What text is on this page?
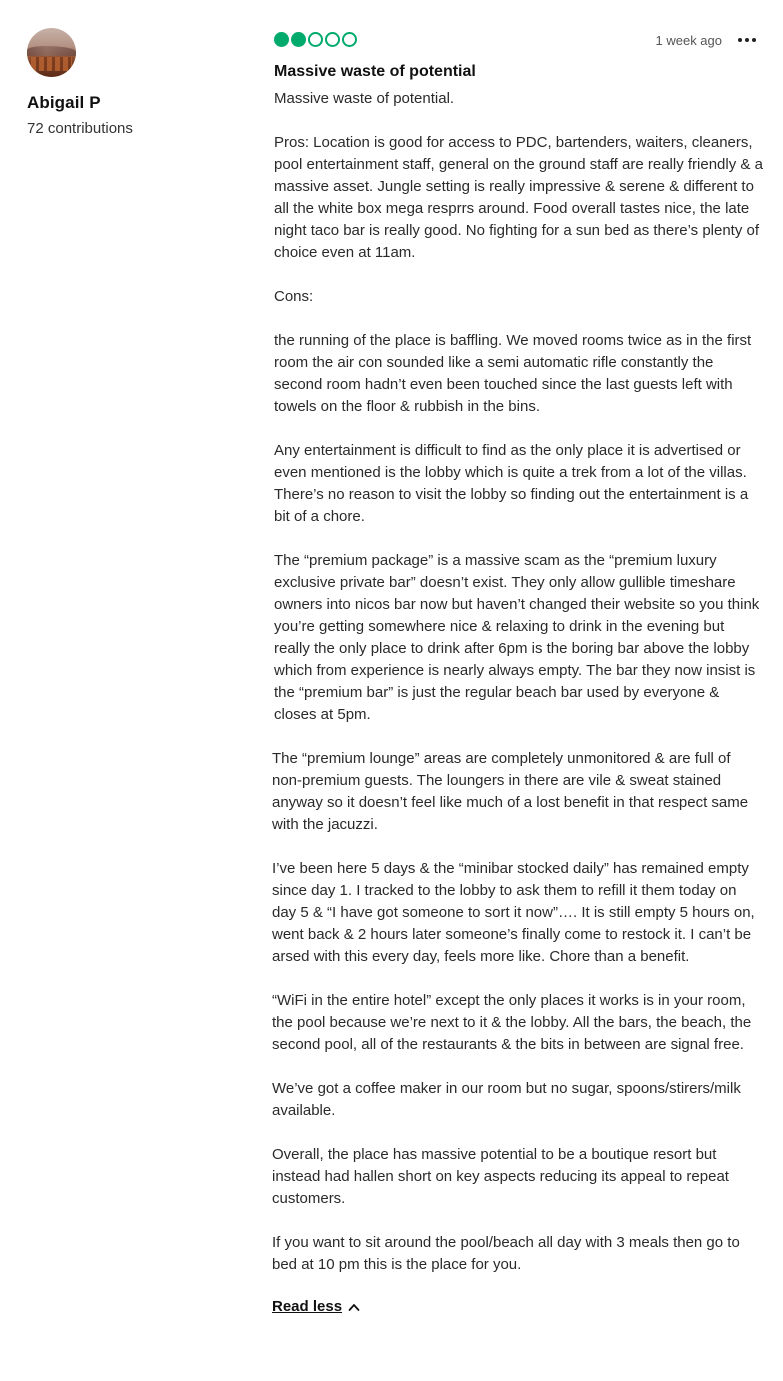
Abigail P
72 contributions
1 week ago
Massive waste of potential

Massive waste of potential.

Pros: Location is good for access to PDC, bartenders, waiters, cleaners, pool entertainment staff, general on the ground staff are really friendly & a massive asset. Jungle setting is really impressive & serene & different to all the white box mega resprrs around. Food overall tastes nice, the late night taco bar is really good. No fighting for a sun bed as there’s plenty of choice even at 11am.

Cons:

the running of the place is baffling. We moved rooms twice as in the first room the air con sounded like a semi automatic rifle constantly the second room hadn’t even been touched since the last guests left with towels on the floor & rubbish in the bins.

Any entertainment is difficult to find as the only place it is advertised or even mentioned is the lobby which is quite a trek from a lot of the villas. There’s no reason to visit the lobby so finding out the entertainment is a bit of a chore.

The “premium package” is a massive scam as the “premium luxury exclusive private bar” doesn’t exist. They only allow gullible timeshare owners into nicos bar now but haven’t changed their website so you think you’re getting somewhere nice & relaxing to drink in the evening but really the only place to drink after 6pm is the boring bar above the lobby which from experience is nearly always empty. The bar they now insist is the “premium bar” is just the regular beach bar used by everyone & closes at 5pm.

The “premium lounge” areas are completely unmonitored & are full of non-premium guests. The loungers in there are vile & sweat stained anyway so it doesn’t feel like much of a lost benefit in that respect same with the jacuzzi.

I’ve been here 5 days & the “minibar stocked daily” has remained empty since day 1. I tracked to the lobby to ask them to refill it them today on day 5 & “I have got someone to sort it now”…. It is still empty 5 hours on, went back & 2 hours later someone’s finally come to restock it. I can’t be arsed with this every day, feels more like. Chore than a benefit.

“WiFi in the entire hotel” except the only places it works is in your room, the pool because we’re next to it & the lobby. All the bars, the beach, the second pool, all of the restaurants & the bits in between are signal free.

We’ve got a coffee maker in our room but no sugar, spoons/stirers/milk available.

Overall, the place has massive potential to be a boutique resort but instead had hallen short on key aspects reducing its appeal to repeat customers.

If you want to sit around the pool/beach all day with 3 meals then go to bed at 10 pm this is the place for you.

Read less
